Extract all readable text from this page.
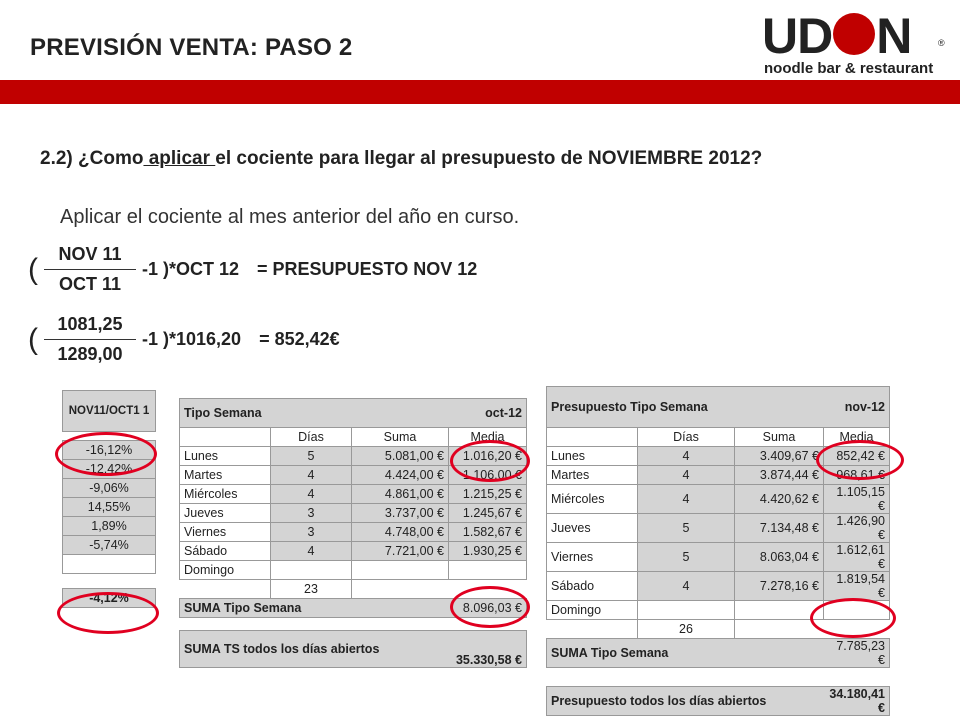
PREVISIÓN VENTA: PASO 2	UD N	®
noodle bar & restaurant
2.2) ¿Como aplicar el cociente para llegar al presupuesto de NOVIEMBRE 2012?
Aplicar el cociente al mes anterior del año en curso.
( $\frac{\text{NOV 11}}{\text{OCT 11}} -1$ )*OCT 12 = PRESUPUESTO NOV 12
( $\frac{1081,25}{1289,00} -1$ )*1016,20 = 852,42€
NOV11/OCT1 1

-16,12%
-12,42%
-9,06%
14,55%
1,89%
-5,74%

-4,12%
Tipo Semana			oct-12
	Días	Suma	Media
Lunes	5	5.081,00 €	1.016,20 €
Martes	4	4.424,00 €	1.106,00 €
Miércoles	4	4.861,00 €	1.215,25 €
Jueves	3	3.737,00 €	1.245,67 €
Viernes	3	4.748,00 €	1.582,67 €
Sábado	4	7.721,00 €	1.930,25 €
Domingo			
	23		
SUMA Tipo Semana			8.096,03 €

SUMA TS todos los días abiertos			35.330,58 €
Presupuesto Tipo Semana			nov-12
	Días	Suma	Media
Lunes	4	3.409,67 €	852,42 €
Martes	4	3.874,44 €	968,61 €
Miércoles	4	4.420,62 €	1.105,15 €
Jueves	5	7.134,48 €	1.426,90 €
Viernes	5	8.063,04 €	1.612,61 €
Sábado	4	7.278,16 €	1.819,54 €
Domingo			
	26		
SUMA Tipo Semana			7.785,23 €

Presupuesto todos los días abiertos			34.180,41 €
